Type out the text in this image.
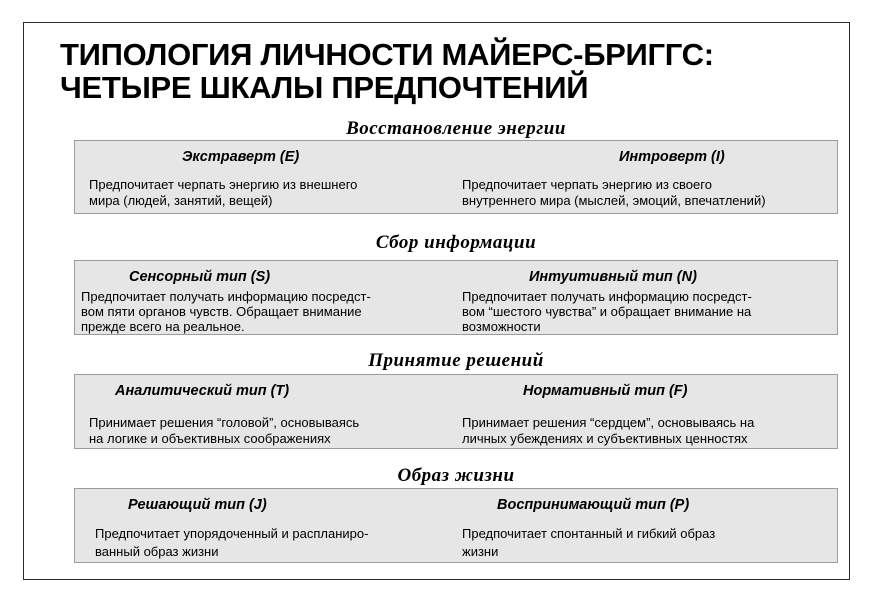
ТИПОЛОГИЯ ЛИЧНОСТИ МАЙЕРС-БРИГГС:
ЧЕТЫРЕ ШКАЛЫ ПРЕДПОЧТЕНИЙ
Восстановление энергии
Экстраверт (Е)
Предпочитает черпать энергию из внешнего
мира (людей, занятий, вещей)
Интроверт (I)
Предпочитает черпать энергию из своего
внутреннего мира (мыслей, эмоций, впечатлений)
Сбор информации
Сенсорный тип (S)
Предпочитает получать информацию посредст-
вом пяти органов чувств. Обращает внимание
прежде всего на реальное.
Интуитивный тип (N)
Предпочитает получать информацию посредст-
вом “шестого чувства” и обращает внимание на
возможности
Принятие решений
Аналитический тип (Т)
Принимает решения “головой”, основываясь
на логике и объективных соображениях
Нормативный тип (F)
Принимает решения “сердцем”, основываясь на
личных убеждениях и субъективных ценностях
Образ жизни
Решающий тип (J)
Предпочитает упорядоченный и распланиро-
ванный образ жизни
Воспринимающий тип (Р)
Предпочитает спонтанный и гибкий образ
жизни
